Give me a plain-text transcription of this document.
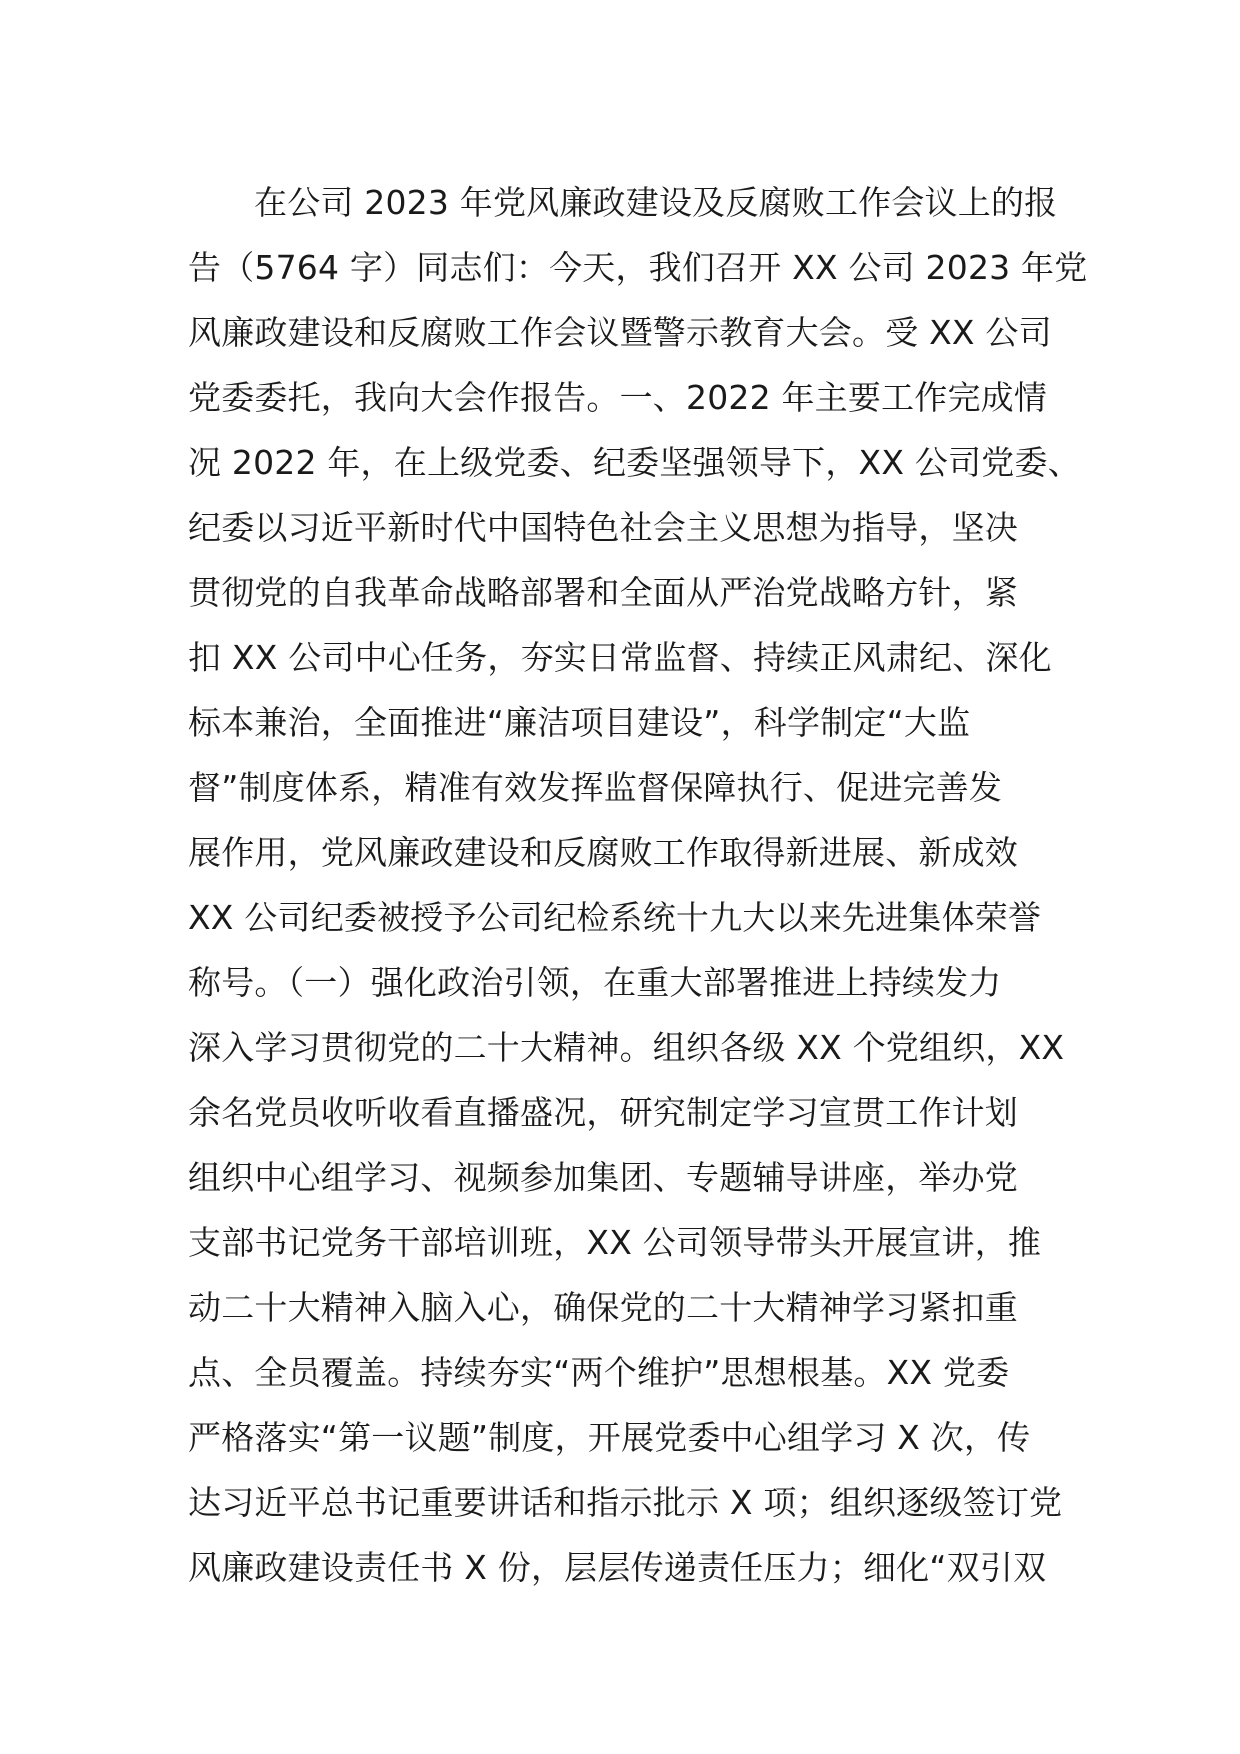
在公司 2023 年党风廉政建设及反腐败工作会议上的报
告（5764 字）同志们：今天，我们召开 XX 公司 2023 年党
风廉政建设和反腐败工作会议暨警示教育大会。受 XX 公司
党委委托，我向大会作报告。一、2022 年主要工作完成情
况 2022 年，在上级党委、纪委坚强领导下，XX 公司党委、
纪委以习近平新时代中国特色社会主义思想为指导，坚决
贯彻党的自我革命战略部署和全面从严治党战略方针，紧
扣 XX 公司中心任务，夯实日常监督、持续正风肃纪、深化
标本兼治，全面推进“廉洁项目建设”，科学制定“大监
督”制度体系，精准有效发挥监督保障执行、促进完善发
展作用，党风廉政建设和反腐败工作取得新进展、新成效
XX 公司纪委被授予公司纪检系统十九大以来先进集体荣誉
称号。（一）强化政治引领，在重大部署推进上持续发力
深入学习贯彻党的二十大精神。组织各级 XX 个党组织，XX
余名党员收听收看直播盛况，研究制定学习宣贯工作计划
组织中心组学习、视频参加集团、专题辅导讲座，举办党
支部书记党务干部培训班，XX 公司领导带头开展宣讲，推
动二十大精神入脑入心，确保党的二十大精神学习紧扣重
点、全员覆盖。持续夯实“两个维护”思想根基。XX 党委
严格落实“第一议题”制度，开展党委中心组学习 X 次，传
达习近平总书记重要讲话和指示批示 X 项；组织逐级签订党
风廉政建设责任书 X 份，层层传递责任压力；细化“双引双
